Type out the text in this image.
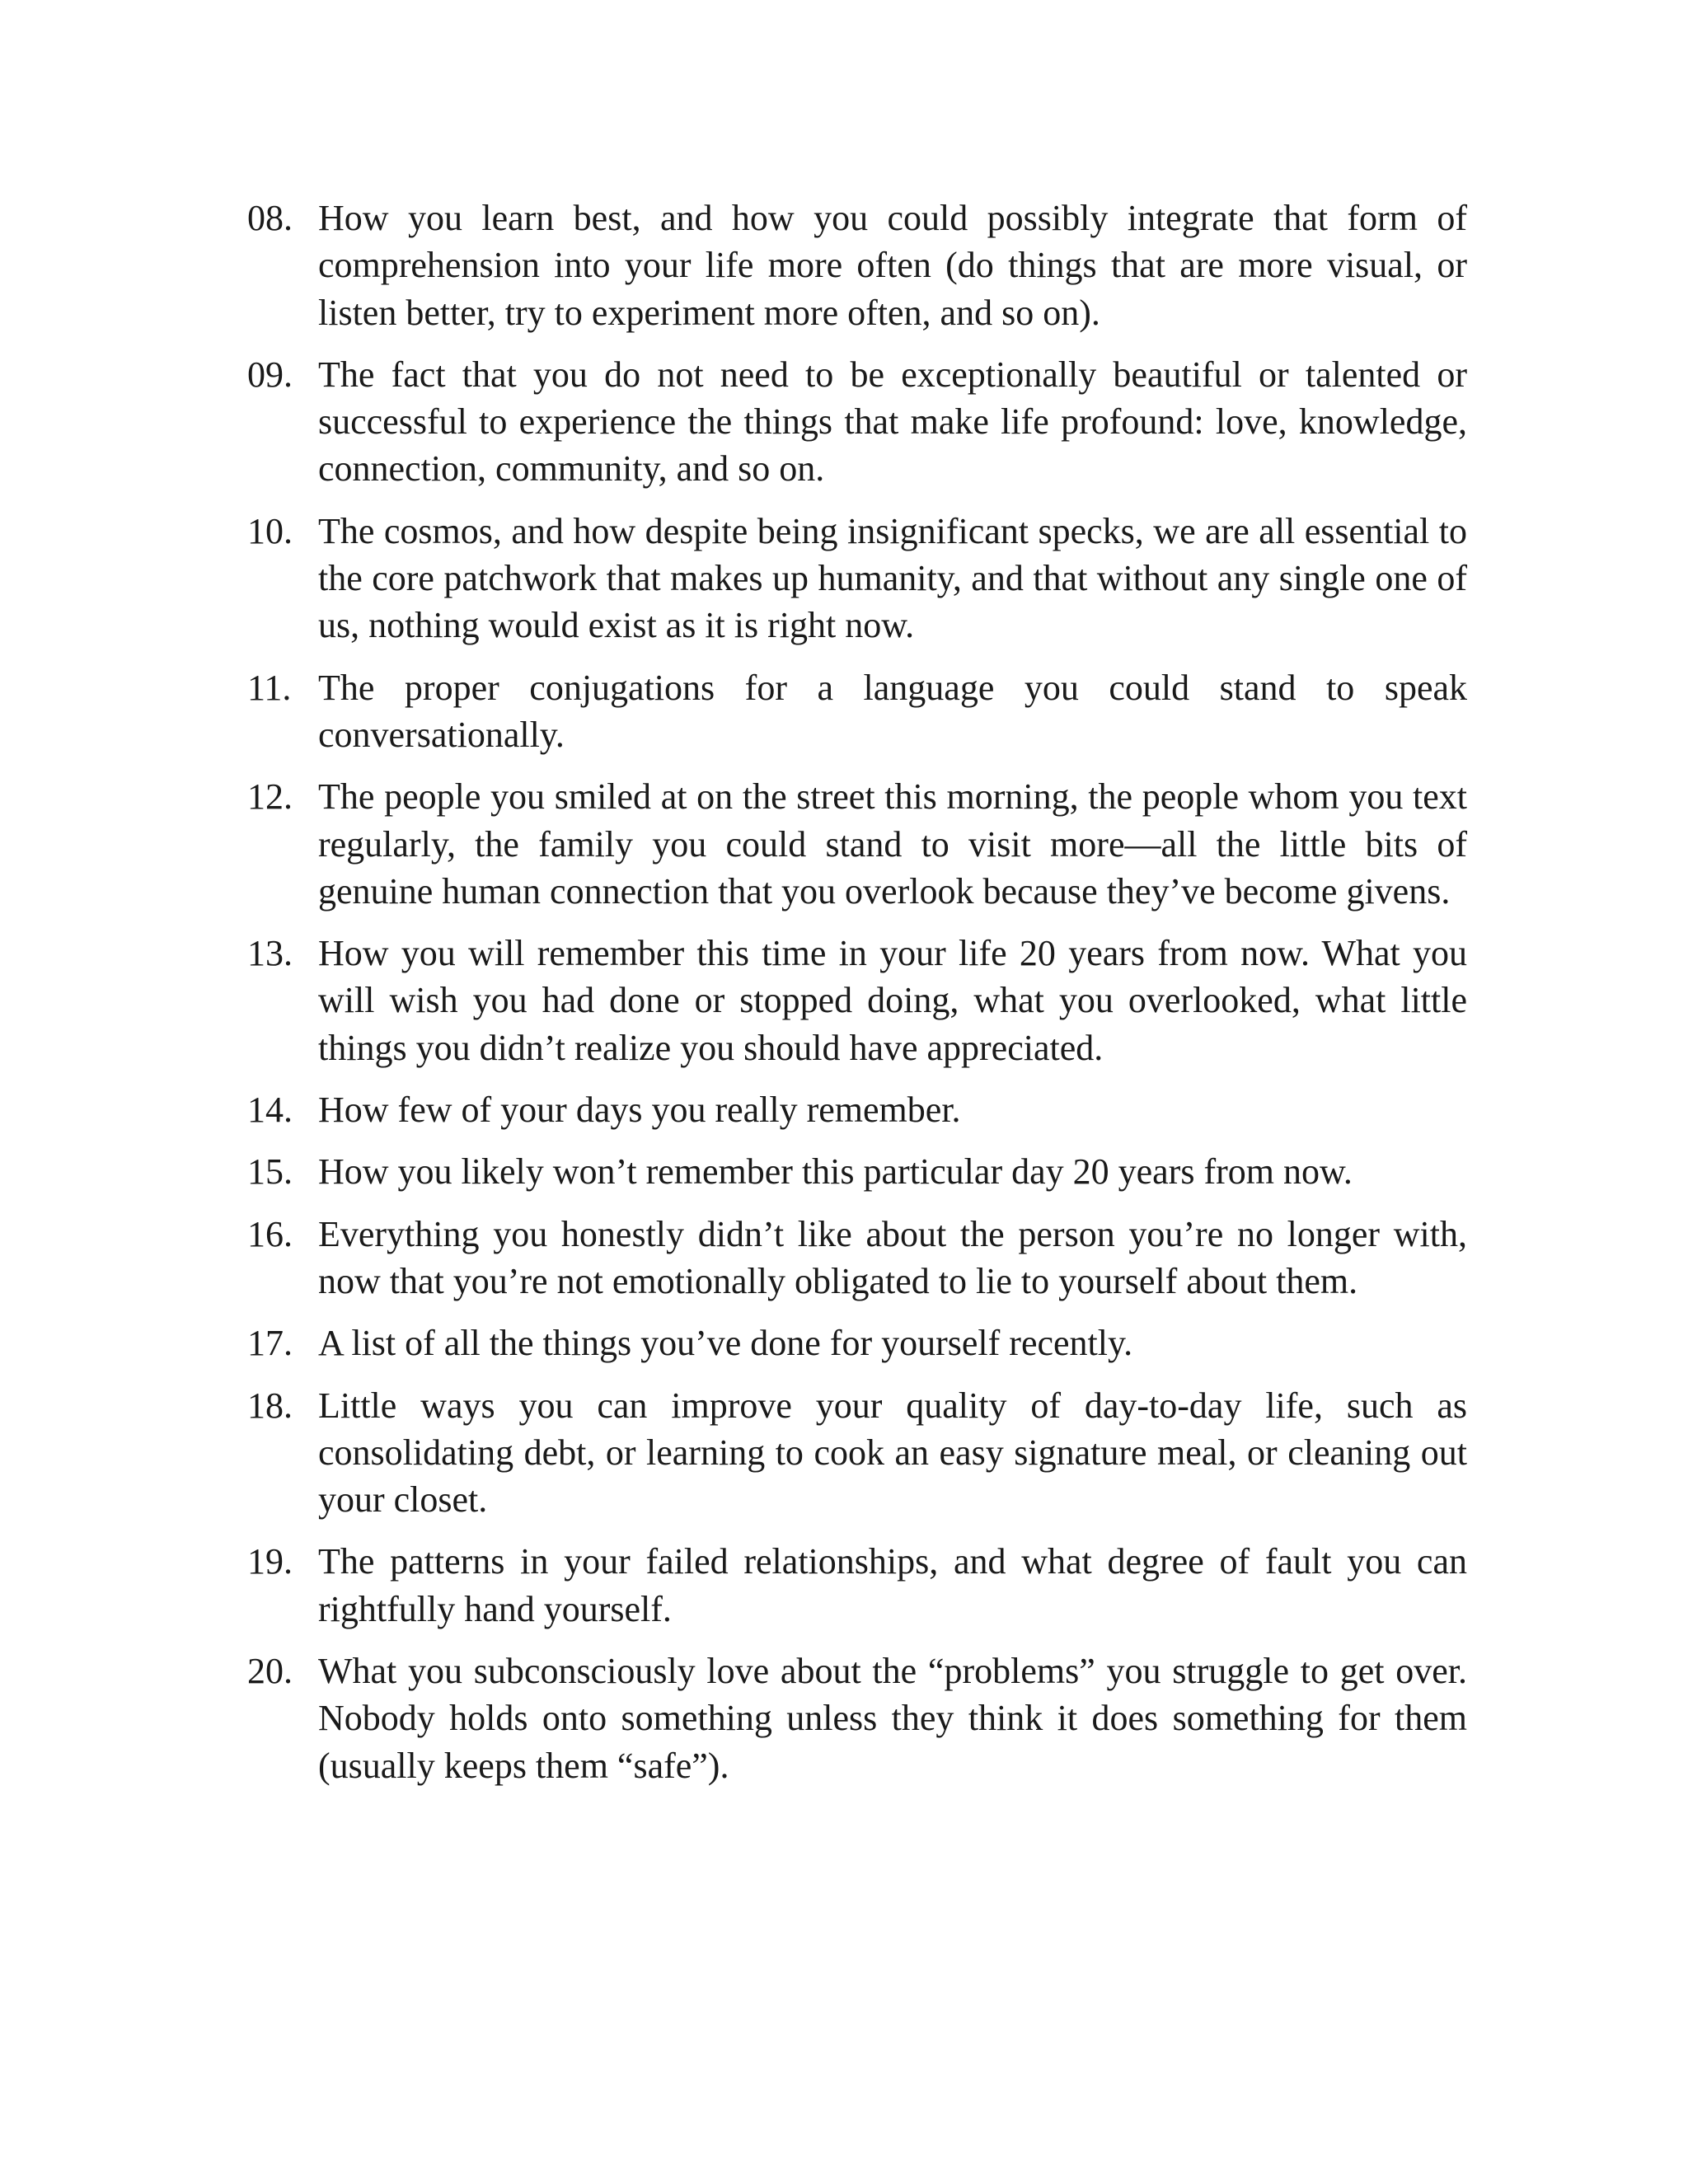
08. How you learn best, and how you could possibly integrate that form of comprehension into your life more often (do things that are more visual, or listen better, try to experiment more often, and so on).
09. The fact that you do not need to be exceptionally beautiful or talented or successful to experience the things that make life profound: love, knowledge, connection, community, and so on.
10. The cosmos, and how despite being insignificant specks, we are all essential to the core patchwork that makes up humanity, and that without any single one of us, nothing would exist as it is right now.
11. The proper conjugations for a language you could stand to speak conversationally.
12. The people you smiled at on the street this morning, the people whom you text regularly, the family you could stand to visit more—all the little bits of genuine human connection that you overlook because they’ve become givens.
13. How you will remember this time in your life 20 years from now. What you will wish you had done or stopped doing, what you overlooked, what little things you didn’t realize you should have appreciated.
14. How few of your days you really remember.
15. How you likely won’t remember this particular day 20 years from now.
16. Everything you honestly didn’t like about the person you’re no longer with, now that you’re not emotionally obligated to lie to yourself about them.
17. A list of all the things you’ve done for yourself recently.
18. Little ways you can improve your quality of day-to-day life, such as consolidating debt, or learning to cook an easy signature meal, or cleaning out your closet.
19. The patterns in your failed relationships, and what degree of fault you can rightfully hand yourself.
20. What you subconsciously love about the “problems” you struggle to get over. Nobody holds onto something unless they think it does something for them (usually keeps them “safe”).
